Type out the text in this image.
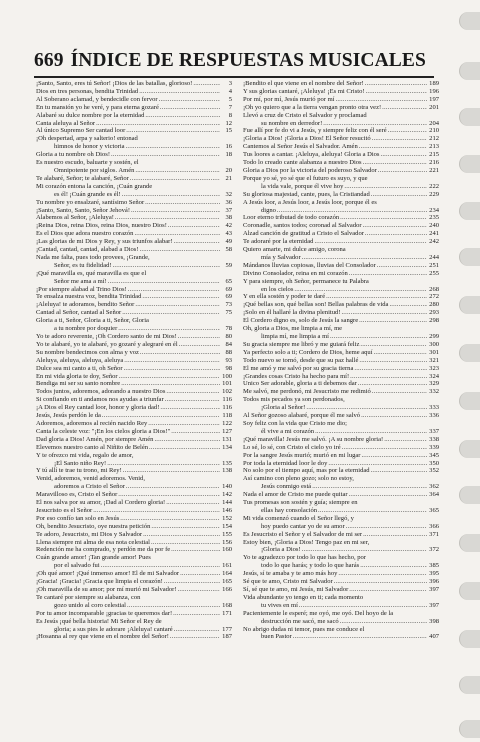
669 ÍNDICE DE RESPUESTAS MUSICALES
¡Santo, Santo, eres tú Señor! ¡Dios de las batallas, glorioso! .....	3
Dios en tres personas, bendita Trinidad .....	4
Al Soberano aclamad, y bendecidle con fervor .....	5
En tu mansión yo he veré, y para eterna gozaré .....	7
Alabaré su dulce nombre por la eternidad .....	8
Canta aleluya al Señor .....	12
Al único Supremo Ser cantad loor .....	15
¡Oh despertad, arpa y salterio! entonad
himnos de honor y victoria .....	16
Gloria a tu nombre oh Dios! .....	18
Es nuestro escudo, baluarte y sostén, el
Omnipotente por siglos. Amén .....	20
Te alabaré, Señor; te alabaré, Señor .....	21
Mi corazón entona la canción, ¡Cuán grande
es él! ¡Cuán grande es él! .....	32
Tu nombre yo ensalzaré, santísimo Señor .....	36
¡Santo, Santo, Santo, Señor Jehová! .....	37
Alabemos al Señor, ¡Aleluya! .....	38
¡Reina Dios, reina Dios, reina Dios, nuestro Dios! .....	42
Es el Dios que adora nuestro corazón .....	43
¡Las glorias de mi Dios y Rey, y sus triunfos alabar! .....	49
¡Cantad, cantad, cantad, alabad a Dios! .....	58
Nada me falta, pues todo provees, ¡Grande,
Señor, es tu fidelidad! .....	59
¡Qué maravilla es, qué maravilla es que el
Señor me ama a mí! .....	65
¡Por siempre alabad al Trino Dios! .....	69
Te ensalza nuestra voz, bendita Trinidad .....	69
¡Aleluya! te adoramos, bendito Señor .....	73
Cantad al Señor, cantad al Señor .....	75
Gloria a ti, Señor, Gloria a ti, Señor, Gloria
a tu nombre por doquier .....	78
Yo te adoro reverente, ¡Oh Cordero santo de mi Dios! .....	80
Yo te alabaré, yo te alabaré, yo gozaré y alegraré en él .....	84
Su nombre bendecimos con alma y voz .....	88
Aleluya, aleluya, aleluya, aleluya .....	93
Dulce sea mi canto a ti, oh Señor .....	98
En mi vida gloria te doy, Señor .....	100
Bendiga mi ser su santo nombre .....	101
Todos juntos, adoremos, adorando a nuestro Dios .....	102
Si confiando en ti andamos nos ayudas a triunfar .....	116
¡A Dios el Rey cantad loor, honor y gloria dad! .....	116
Jesús, Jesús perdón le da .....	118
Adoremos, adoremos al recién nacido Rey .....	122
Canta la celeste voz: "¡En los cielos gloria a Dios!" .....	127
Dad gloria a Dios! Amén, por siempre Amén .....	131
Elevemos nuestro canto al Niñito de Belén .....	134
Y te ofrezco mi vida, regalo de amor,
¡El Santo niño Rey! .....	135
Y tú allí te trae tu trono, mi Rey! .....	138
Venid, adoremos, venid adoremos. Venid,
adoremos a Cristo el Señor .....	140
Maravilloso es, Cristo el Señor .....	142
El nos salva por su amor, ¡Dad al Cordero gloria! .....	144
Jesucristo es el Señor .....	146
Por eso confío tan solo en Jesús .....	152
Oh, bendito Jesucristo, oye nuestra petición .....	154
Te adoro, Jesucristo, mi Dios y Salvador .....	155
Llena siempre mi alma de esa nota celestial .....	156
Redención me ha comprado, y perdón me da por fe .....	160
Cuán grande amor! ¡Tan grande amor! Pues
por el salvado fui .....	161
¡Oh qué amor! ¡Qué inmenso amor! El de mi Salvador .....	164
¡Gracia! ¡Gracia! ¡Gracia que limpia el corazón! .....	165
¡Oh maravilla de su amor; por mí murió mi Salvador! .....	166
Te cantaré por siempre su alabanza, con
gozo unido al coro celestial .....	168
Por tu amor incomparable ¡gracias te queremos dar! .....	171
Es Jesús ¡qué bella historia! Mi Señor el Rey de
gloria; a sus pies le adorare ¡Aleluya! cantaré .....	177
¡Hosanna al rey que viene en el nombre del Señor! .....	187
¡Bendito el que viene en el nombre del Señor! .....	189
Y sus glorias cantaré, ¡Aleluya! ¡Es mi Cristo! .....	196
Por mí, por mí, Jesús murió por mí .....	197
¡Oh yo quiero que a la tierra vengan pronto otra vez! .....	201
Llevó a cruz de Cristo el Salvador y proclamad
su nombre en derredor! .....	204
Fue allí por fe do vi a Jesús, y siempre feliz con él seré .....	210
¡Gloria a Dios! ¡Gloria a Dios! El Señor resucitó .....	212
Cantemos al Señor Jesús el Salvador. Amén .....	213
Tus loores a cantar. ¡Aleluya, aleluya! Gloria a Dios .....	215
Todo lo creado cante alabanza a nuestro Dios .....	216
Gloria a Dios por la victoria del poderoso Salvador .....	221
Porque yo sé, yo sé que el futuro es suyo, y que
la vida vale, porque él vive hoy .....	222
Su gloriosa majestad, cante, pues, la Cristiandad .....	229
A Jesús loor, a Jesús loor, a Jesús loor, porque él es
digno .....	234
Loor eterno tributad de todo corazón .....	235
Coronadle, santos todos; coronad al Salvador .....	240
Alzad canción de gratitud a Cristo el Salvador .....	241
Te adoraré por la eternidad .....	242
Quiero amarte, mi dulce amigo, corona
mía y Salvador .....	244
Mándanos lluvias copiosas, lluvias del Consolador .....	251
Divino Consolador, reina en mi corazón .....	255
Y para siempre, oh Señor, permanece tu Palabra
en los cielos .....	268
Y en ella sostén y poder te daré .....	272
¡Qué bellas son, qué bellas son! Bellas palabras de vida .....	280
¡Solo en él hallaré la divina plenitud! .....	293
El Cordero digno es, solo de Jesús la sangre .....	298
Oh, gloria a Dios, me limpia a mí, me
limpia mí, me limpia a mí .....	299
Su gracia siempre me libró y me guiará feliz .....	300
Ya perfecto solo a ti; Cordero de Dios, heme aquí .....	301
Todo nuevo se tornó, desde que su paz hallé .....	321
El me amó y me salvó por su gracia tierna .....	323
¡Grandes cosas Cristo ha hecho para mí! .....	324
Unico Ser adorable, gloria a ti debemos dar .....	329
Me salvó, me perdonó, mi Jesucristo me redimió .....	332
Todos mis pecados ya son perdonados,
¡Gloria al Señor! .....	333
Al Señor gozoso alabaré, porque él me salvó .....	336
Soy feliz con la vida que Cristo me dio;
él vive a mi corazón .....	337
¡Qué maravilla! Jesús me salvó. ¡A su nombre gloria! .....	338
Lo sé, lo sé, con Cristo el cielo yo iré .....	339
Por la sangre Jesús murió; murió en mi lugar .....	345
Por toda la eternidad loor le doy .....	350
No solo por el tiempo aquí, mas por la eternidad .....	352
Así camino con pleno gozo; solo no estoy,
Jesús conmigo está .....	362
Nada el amor de Cristo me puede quitar .....	364
Tus promesas son sostén y guía; siempre en
ellas hay consolación .....	365
Mi vida comenzó cuando el Señor llegó, y
hoy puedo cantar yo de su amor .....	366
Es Jesucristo el Señor y el Salvador de mi ser .....	371
Estoy bien, ¡Gloria a Dios! Tengo paz en mi ser,
¡Gloria a Dios! .....	372
Yo te agradezco por todo lo que has hecho, por
todo lo que harás; y todo lo que harás .....	385
Jesús, sí te amaba y te amo más hoy .....	395
Sé que te amo, Cristo mi Salvador .....	396
Sí, sé que te amo, mi Jesús, mi Salvador .....	397
Vida abundante yo tengo en ti; cada momento
tu vives en mí .....	397
Pacientemente le esperé; me oyó, me oyó. Del hoyo de la
destrucción me sacó, me sacó .....	398
No abrigo dudas ni temor, pues me conduce el
buen Pastor .....	407
